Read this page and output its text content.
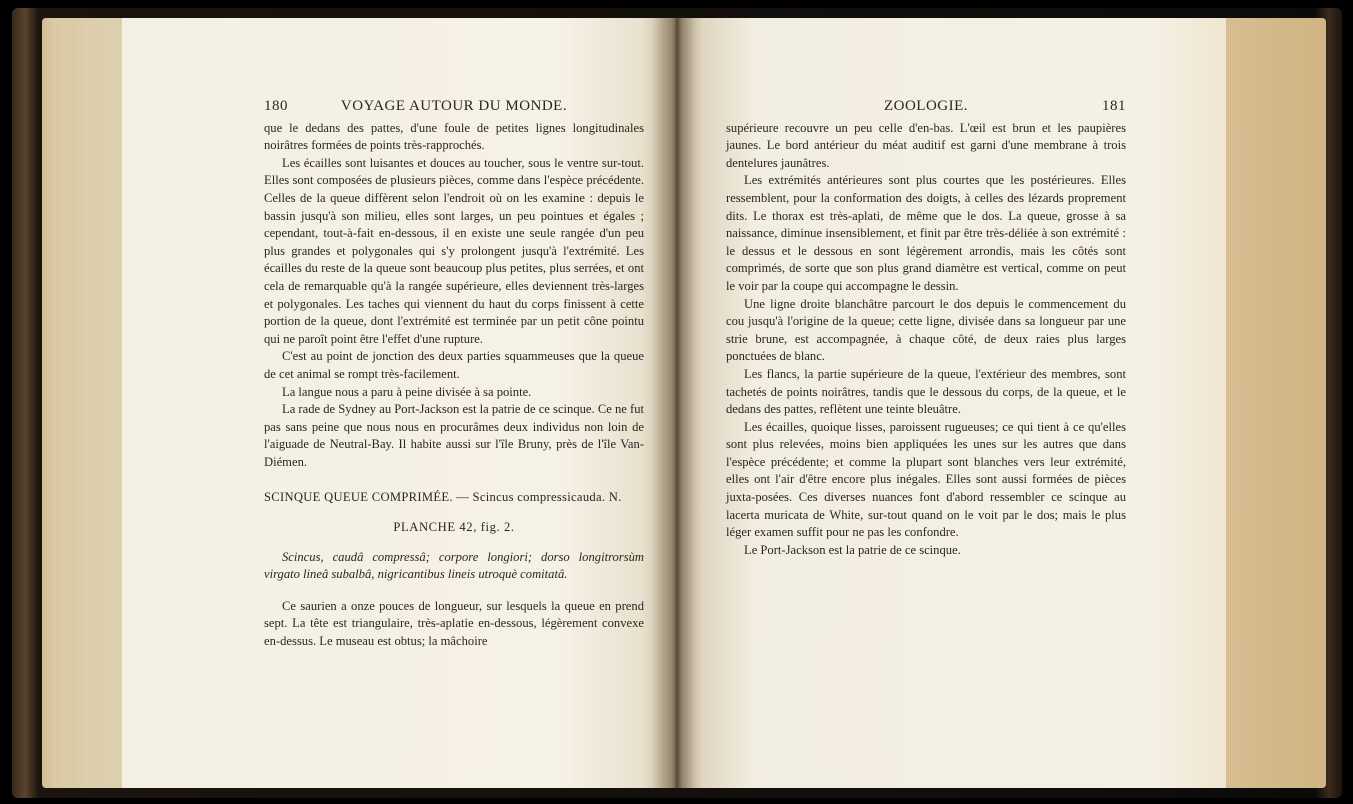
180	VOYAGE AUTOUR DU MONDE.

que le dedans des pattes, d'une foule de petites lignes longitudinales noirâtres formées de points très-rapprochés.

Les écailles sont luisantes et douces au toucher, sous le ventre sur-tout. Elles sont composées de plusieurs pièces, comme dans l'espèce précédente. Celles de la queue diffèrent selon l'endroit où on les examine : depuis le bassin jusqu'à son milieu, elles sont larges, un peu pointues et égales ; cependant, tout-à-fait en-dessous, il en existe une seule rangée d'un peu plus grandes et polygonales qui s'y prolongent jusqu'à l'extrémité. Les écailles du reste de la queue sont beaucoup plus petites, plus serrées, et ont cela de remarquable qu'à la rangée supérieure, elles deviennent très-larges et polygonales. Les taches qui viennent du haut du corps finissent à cette portion de la queue, dont l'extrémité est terminée par un petit cône pointu qui ne paroît point être l'effet d'une rupture.

C'est au point de jonction des deux parties squammeuses que la queue de cet animal se rompt très-facilement.

La langue nous a paru à peine divisée à sa pointe.

La rade de Sydney au Port-Jackson est la patrie de ce scinque. Ce ne fut pas sans peine que nous nous en procurâmes deux individus non loin de l'aiguade de Neutral-Bay. Il habite aussi sur l'île Bruny, près de l'île Van-Diémen.

SCINQUE QUEUE COMPRIMÉE. — Scincus compressicauda. N.

PLANCHE 42, fig. 2.

Scincus, caudâ compressâ; corpore longiori; dorso longitrorsùm virgato lineâ subalbâ, nigricantibus lineis utroquè comitatâ.

Ce saurien a onze pouces de longueur, sur lesquels la queue en prend sept. La tête est triangulaire, très-aplatie en-dessous, légèrement convexe en-dessus. Le museau est obtus; la mâchoire

ZOOLOGIE.	181

supérieure recouvre un peu celle d'en-bas. L'œil est brun et les paupières jaunes. Le bord antérieur du méat auditif est garni d'une membrane à trois dentelures jaunâtres.

Les extrémités antérieures sont plus courtes que les postérieures. Elles ressemblent, pour la conformation des doigts, à celles des lézards proprement dits. Le thorax est très-aplati, de même que le dos. La queue, grosse à sa naissance, diminue insensiblement, et finit par être très-déliée à son extrémité : le dessus et le dessous en sont légèrement arrondis, mais les côtés sont comprimés, de sorte que son plus grand diamètre est vertical, comme on peut le voir par la coupe qui accompagne le dessin.

Une ligne droite blanchâtre parcourt le dos depuis le commencement du cou jusqu'à l'origine de la queue; cette ligne, divisée dans sa longueur par une strie brune, est accompagnée, à chaque côté, de deux raies plus larges ponctuées de blanc.

Les flancs, la partie supérieure de la queue, l'extérieur des membres, sont tachetés de points noirâtres, tandis que le dessous du corps, de la queue, et le dedans des pattes, reflètent une teinte bleuâtre.

Les écailles, quoique lisses, paroissent rugueuses; ce qui tient à ce qu'elles sont plus relevées, moins bien appliquées les unes sur les autres que dans l'espèce précédente; et comme la plupart sont blanches vers leur extrémité, elles ont l'air d'être encore plus inégales. Elles sont aussi formées de pièces juxta-posées. Ces diverses nuances font d'abord ressembler ce scinque au lacerta muricata de White, sur-tout quand on le voit par le dos; mais le plus léger examen suffit pour ne pas les confondre.

Le Port-Jackson est la patrie de ce scinque.
